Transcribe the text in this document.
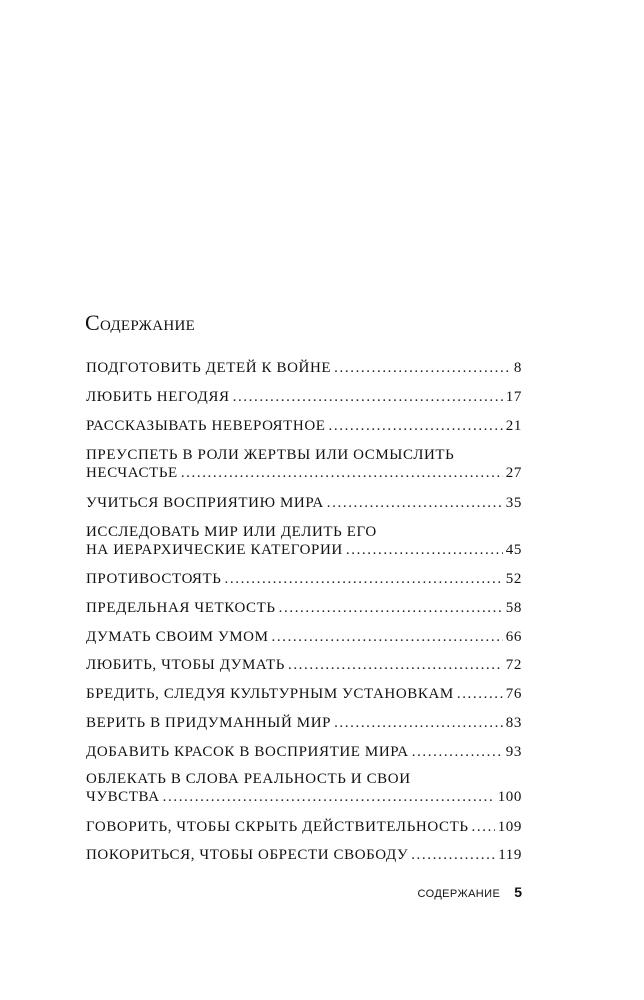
Содержание
ПОДГОТОВИТЬ ДЕТЕЙ К ВОЙНЕ .....	8
ЛЮБИТЬ НЕГОДЯЯ .....	17
РАССКАЗЫВАТЬ НЕВЕРОЯТНОЕ .....	21
ПРЕУСПЕТЬ В РОЛИ ЖЕРТВЫ ИЛИ ОСМЫСЛИТЬ
НЕСЧАСТЬЕ .....	27
УЧИТЬСЯ ВОСПРИЯТИЮ МИРА .....	35
ИССЛЕДОВАТЬ МИР ИЛИ ДЕЛИТЬ ЕГО
НА ИЕРАРХИЧЕСКИЕ КАТЕГОРИИ .....	45
ПРОТИВОСТОЯТЬ .....	52
ПРЕДЕЛЬНАЯ ЧЕТКОСТЬ .....	58
ДУМАТЬ СВОИМ УМОМ .....	66
ЛЮБИТЬ, ЧТОБЫ ДУМАТЬ .....	72
БРЕДИТЬ, СЛЕДУЯ КУЛЬТУРНЫМ УСТАНОВКАМ .....	76
ВЕРИТЬ В ПРИДУМАННЫЙ МИР .....	83
ДОБАВИТЬ КРАСОК В ВОСПРИЯТИЕ МИРА .....	93
ОБЛЕКАТЬ В СЛОВА РЕАЛЬНОСТЬ И СВОИ
ЧУВСТВА .....	100
ГОВОРИТЬ, ЧТОБЫ СКРЫТЬ ДЕЙСТВИТЕЛЬНОСТЬ ..... 109
ПОКОРИТЬСЯ, ЧТОБЫ ОБРЕСТИ СВОБОДУ .....	119
СОДЕРЖАНИЕ 5
